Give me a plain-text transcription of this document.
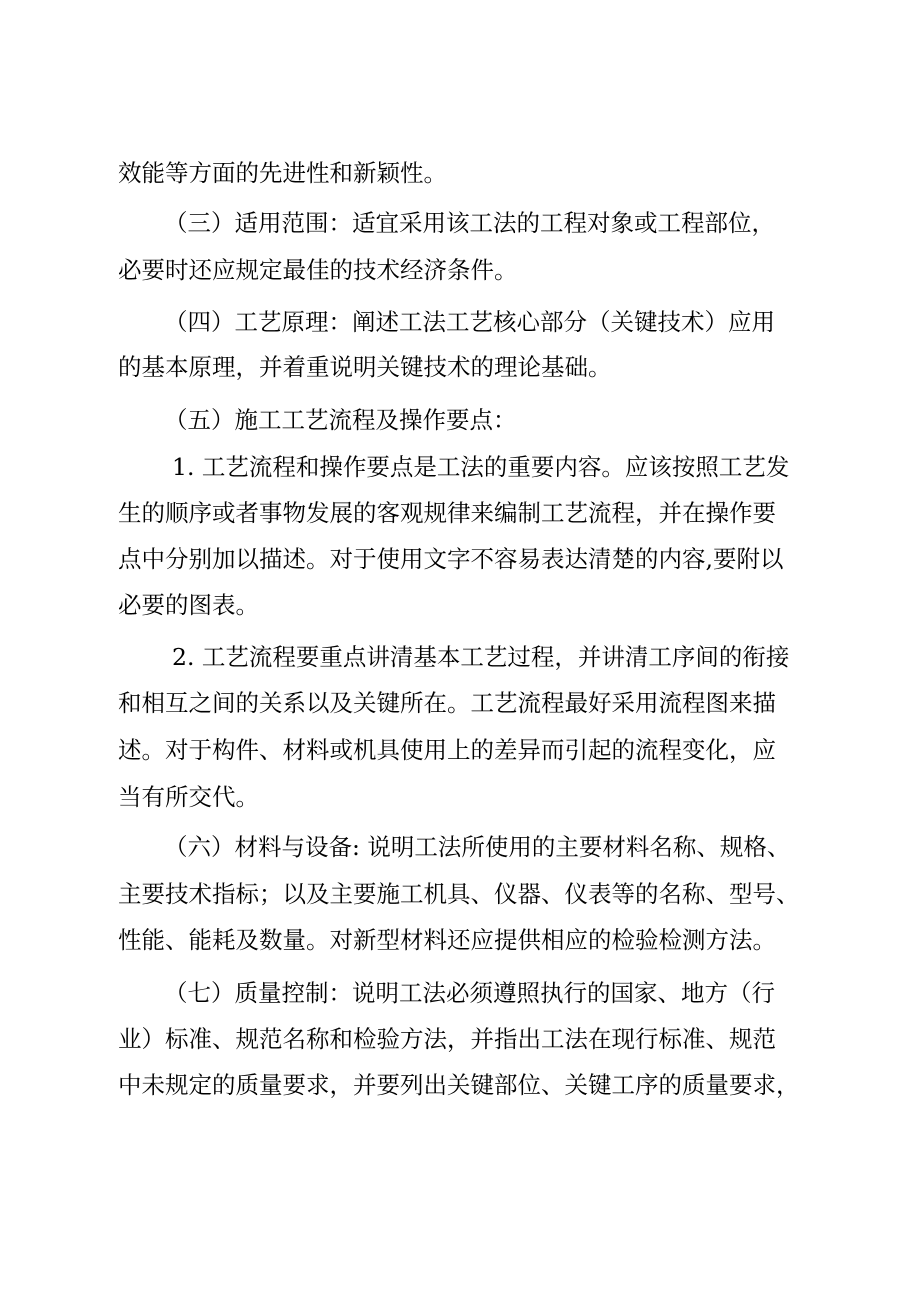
效能等方面的先进性和新颖性。
（三）适用范围：适宜采用该工法的工程对象或工程部位，
必要时还应规定最佳的技术经济条件。
（四）工艺原理：阐述工法工艺核心部分（关键技术）应用
的基本原理，并着重说明关键技术的理论基础。
（五）施工工艺流程及操作要点：
1. 工艺流程和操作要点是工法的重要内容。应该按照工艺发
生的顺序或者事物发展的客观规律来编制工艺流程，并在操作要
点中分别加以描述。对于使用文字不容易表达清楚的内容,要附以
必要的图表。
2. 工艺流程要重点讲清基本工艺过程，并讲清工序间的衔接
和相互之间的关系以及关键所在。工艺流程最好采用流程图来描
述。对于构件、材料或机具使用上的差异而引起的流程变化，应
当有所交代。
（六）材料与设备: 说明工法所使用的主要材料名称、规格、
主要技术指标；以及主要施工机具、仪器、仪表等的名称、型号、
性能、能耗及数量。对新型材料还应提供相应的检验检测方法。
（七）质量控制：说明工法必须遵照执行的国家、地方（行
业）标准、规范名称和检验方法，并指出工法在现行标准、规范
中未规定的质量要求，并要列出关键部位、关键工序的质量要求，
